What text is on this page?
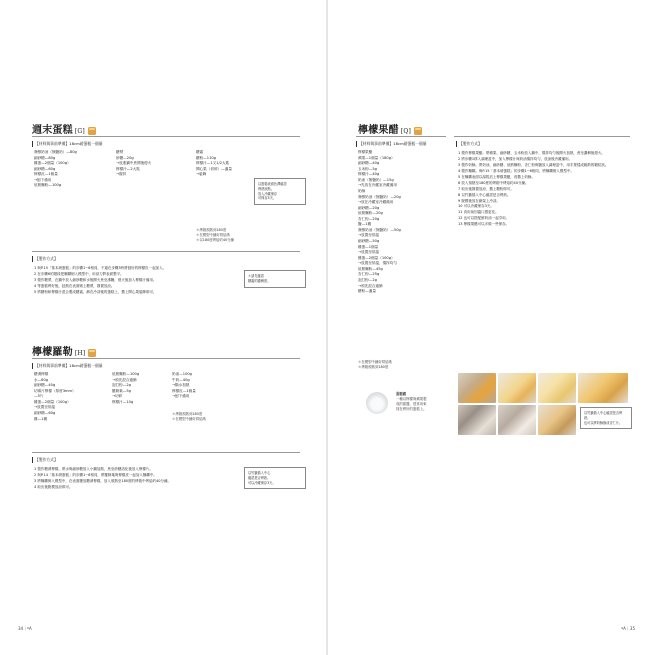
週末蛋糕 [G]
【材料與事前準備】18cm磅蛋糕一個量
發酵奶油（無鹽奶）—80g
細砂糖—80g
雞蛋—2個量（100g）
細砂糖—60g
檸檬皮—1個量
→刨下備用
低筋麵粉—100g
糖漿
砂糖—20g
→放進鍋中煮開後熄火
檸檬汁—2大匙
→攪拌
糖霜
糖粉—110g
檸檬汁—1又1/2大匙
開心果（切碎）—適量
→裝飾
＊烤箱預熱到180度
＊在模型中鋪好烘焙紙
＊以180度烤焙約40分鐘
以蛋糕表面色澤確認
烤熟狀態。
放入冷藏保存
可保存3天。
【製作方式】
1 與P.15「基本磅蛋糕」的步驟1~6相同，不過在步驟3時將刨好的檸檬皮一起加入。
2 在步驟6的階段把麵糊倒入模型中，用刮刀將表面整平。
3 製作糖漿，在鍋中放入細砂糖和水後開火煮至沸騰，熄火後加入檸檬汁備用。
4 等蛋糕烤好後，趁熱在表面刷上糖漿，靜置放涼。
5 將糖粉和檸檬汁混合製成糖霜，淋在冷卻後的蛋糕上，撒上開心果裝飾即可。
＊請先確認
糖霜的濃稠度。
檸檬羅勒 [H]
【材料與事前準備】18cm磅蛋糕一個量
糖漬檸檬
水—60g
細砂糖—40g
切薄片檸檬（厚度3mm）
—5片
雞蛋—2個量（100g）
→放置至常溫
細砂糖—60g
雞—1撮
低筋麵粉—100g
→預先混合過篩
泡打粉—2g
羅勒葉—5g
→切碎
檸檬汁—10g
奶油—100g
牛奶—40g
→隔水加熱
檸檬皮—1個量
→刨下備用
＊烤箱預熱到180度
＊在模型中鋪好烘焙紙
【製作方式】
1 製作糖漬檸檬。將水與細砂糖放入小鍋加熱，煮至砂糖溶化後放入檸檬片。
2 與P.14「基本磅蛋糕」的步驟1~6相同，將羅勒葉與檸檬皮一起加入麵糊中。
3 將麵糊倒入模型中，在表面擺放糖漬檸檬，放入預熱至180度的烤箱中烤焙約40分鐘。
4 取出後脫模放涼即可。
以竹籤插入中心
確認是否烤熟。
可以冷藏保存3天。
34｜ºA
檸檬果醋 [Q]
【材料與事前準備】18cm磅蛋糕一個量
檸檬果醋
蘋果—1個量（180g）
細砂糖—40g
玉米粉—5g
檸檬汁—40g
奶油（無鹽奶）—15g
→先放在冷藏室冷藏備用
奶酥
發酵奶油（無鹽奶）—20g
→放在冷藏室冷藏備用
細砂糖—20g
低筋麵粉—20g
杏仁粉—20g
鹽—1撮
發酵奶油（無鹽奶）—50g
→放置至常溫
細砂糖—50g
雞蛋—1個量
→放置至常溫
雞蛋—2個量（100g）
→放置至常溫，攪拌均勻
低筋麵粉—45g
杏仁粉—25g
泡打粉—2g
→預先混合過篩
糖粉—適量
＊在模型中鋪好烘焙紙
＊烤箱預熱到180度
蛋糕碟
一種以檸檬與蘋果製
成的甜醬，很常用來
抹在烤好的蛋糕上。
【製作方式】
1 製作檸檬果醋。將蘋果、細砂糖、玉米粉放入鍋中，攪拌均勻後開火加熱，煮至濃稠後熄火。
2 將步驟1移入調理盆中，加入檸檬汁與奶油攪拌均勻，放涼後冷藏備用。
3 製作奶酥。將奶油、細砂糖、低筋麵粉、杏仁粉與鹽放入調理盆中，用手搓揉成鬆散的顆粒狀。
4 製作麵糊。與P.15「基本磅蛋糕」的步驟1~6相同，將麵糊倒入模型中。
5 在麵糊表面以湯匙舀上檸檬果醋，再撒上奶酥。
6 放入預熱至180度的烤箱中烤焙約40分鐘。
7 取出後靜置放涼，撒上糖粉即可。
8 以竹籤插入中心確認是否烤熟。
9 脫模後放在網架上冷卻。
10 可以冷藏保存3天。
11 食用前回溫口感更佳。
12 也可以搭配鮮奶油一起享用。
13 檸檬果醋可以多做一些保存。
以竹籤插入中心確認是否烤熟。
也可以將奶酥換成杏仁片。
ºA｜35
